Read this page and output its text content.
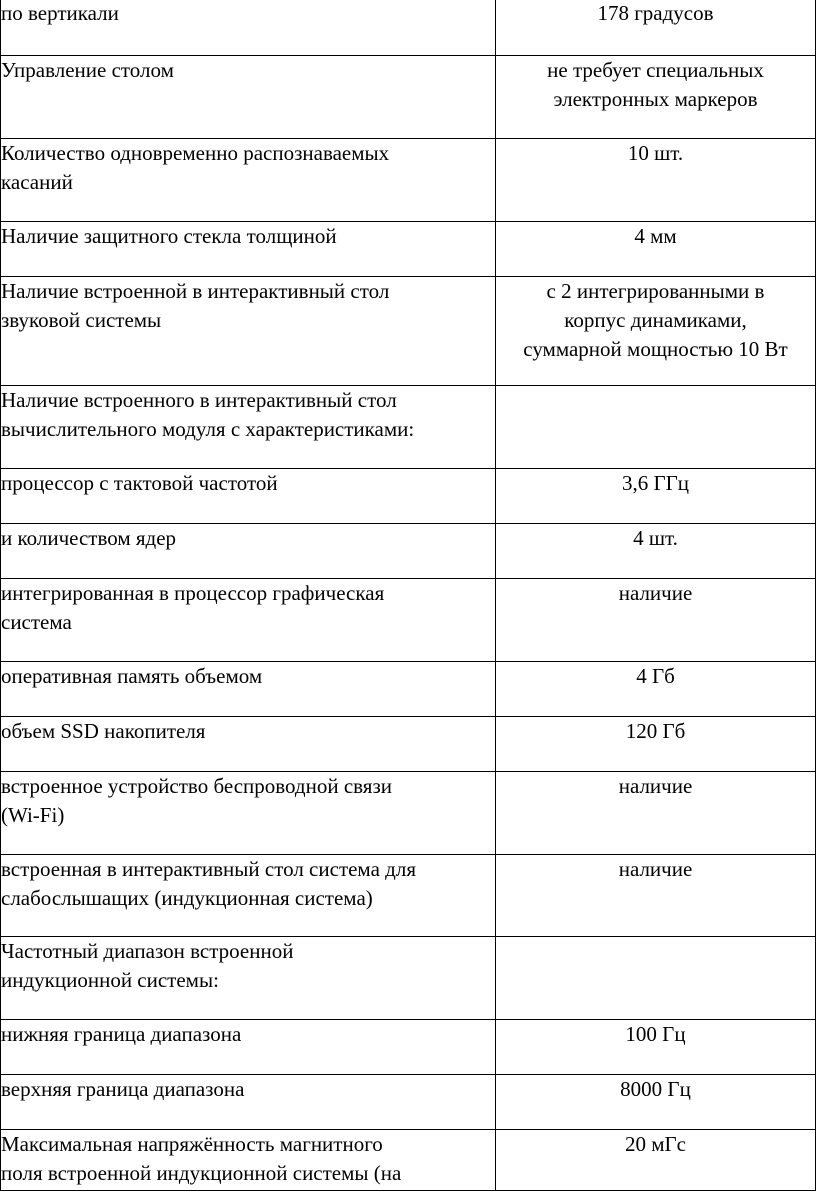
по вертикали	178 градусов

Управление столом	не требует специальных
электронных маркеров

Количество одновременно распознаваемых
касаний	10 шт.

Наличие защитного стекла толщиной	4 мм

Наличие встроенной в интерактивный стол
звуковой системы	с 2 интегрированными в
корпус динамиками,
суммарной мощностью 10 Вт

Наличие встроенного в интерактивный стол
вычислительного модуля с характеристиками:	

процессор с тактовой частотой	3,6 ГГц

и количеством ядер	4 шт.

интегрированная в процессор графическая
система	наличие

оперативная память объемом	4 Гб

объем SSD накопителя	120 Гб

встроенное устройство беспроводной связи
(Wi-Fi)	наличие

встроенная в интерактивный стол система для
слабослышащих (индукционная система)	наличие

Частотный диапазон встроенной
индукционной системы:	

нижняя граница диапазона	100 Гц

верхняя граница диапазона	8000 Гц

Максимальная напряжённость магнитного
поля встроенной индукционной системы (на	20 мГс
